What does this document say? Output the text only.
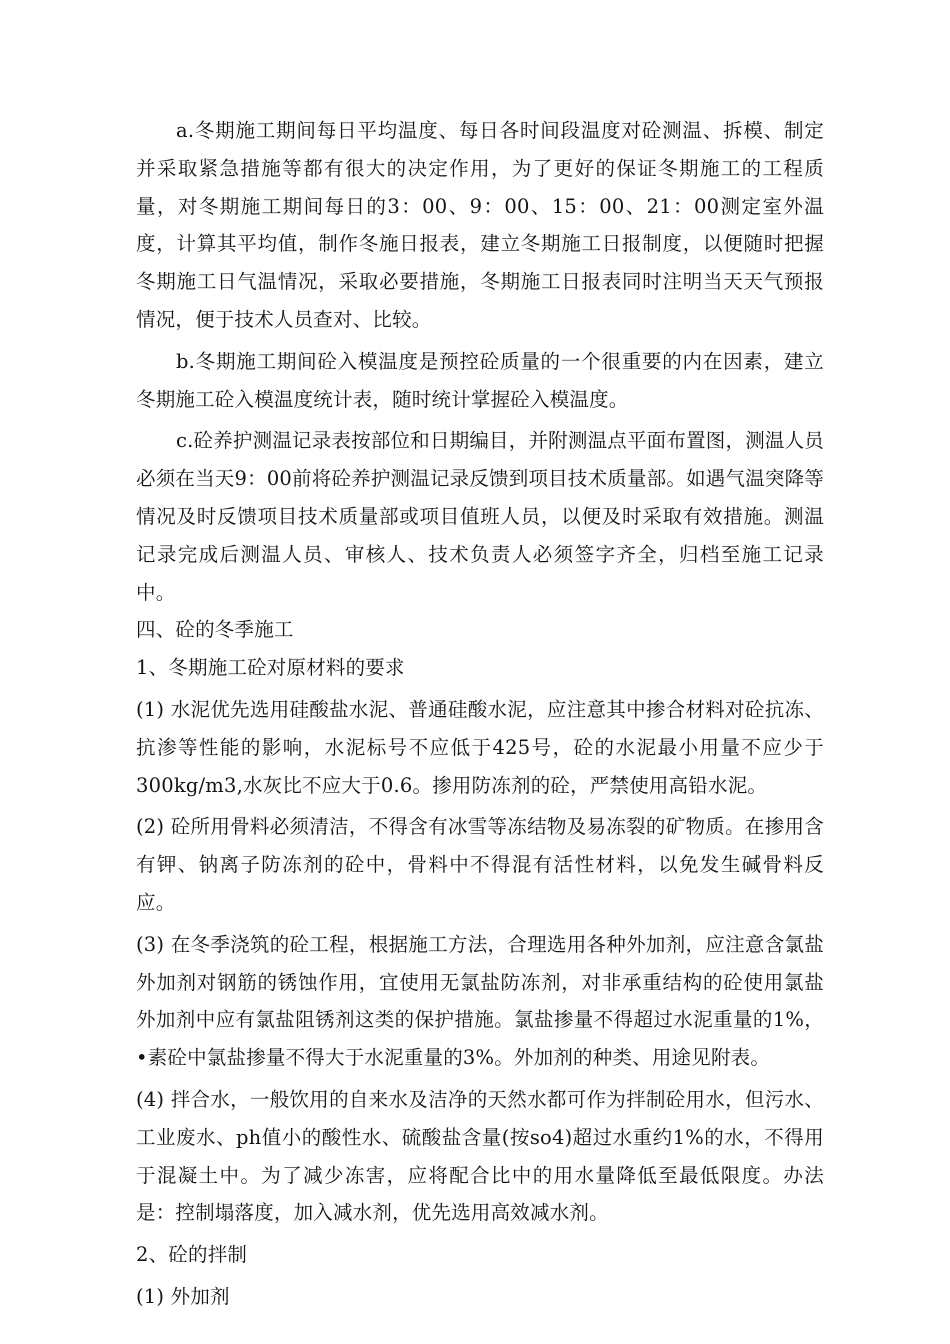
a.冬期施工期间每日平均温度、每日各时间段温度对砼测温、拆模、制定并采取紧急措施等都有很大的决定作用，为了更好的保证冬期施工的工程质量，对冬期施工期间每日的3：00、9：00、15：00、21：00测定室外温度，计算其平均值，制作冬施日报表，建立冬期施工日报制度，以便随时把握冬期施工日气温情况，采取必要措施，冬期施工日报表同时注明当天天气预报情况，便于技术人员查对、比较。

b.冬期施工期间砼入模温度是预控砼质量的一个很重要的内在因素，建立冬期施工砼入模温度统计表，随时统计掌握砼入模温度。

c.砼养护测温记录表按部位和日期编目，并附测温点平面布置图，测温人员必须在当天9：00前将砼养护测温记录反馈到项目技术质量部。如遇气温突降等情况及时反馈项目技术质量部或项目值班人员，以便及时采取有效措施。测温记录完成后测温人员、审核人、技术负责人必须签字齐全，归档至施工记录中。

四、砼的冬季施工

1、冬期施工砼对原材料的要求

(1) 水泥优先选用硅酸盐水泥、普通硅酸水泥，应注意其中掺合材料对砼抗冻、抗渗等性能的影响，水泥标号不应低于425号，砼的水泥最小用量不应少于300kg/m3,水灰比不应大于0.6。掺用防冻剂的砼，严禁使用高铅水泥。

(2) 砼所用骨料必须清洁，不得含有冰雪等冻结物及易冻裂的矿物质。在掺用含有钾、钠离子防冻剂的砼中，骨料中不得混有活性材料，以免发生碱骨料反应。

(3) 在冬季浇筑的砼工程，根据施工方法，合理选用各种外加剂，应注意含氯盐外加剂对钢筋的锈蚀作用，宜使用无氯盐防冻剂，对非承重结构的砼使用氯盐外加剂中应有氯盐阻锈剂这类的保护措施。氯盐掺量不得超过水泥重量的1%，•素砼中氯盐掺量不得大于水泥重量的3%。外加剂的种类、用途见附表。

(4) 拌合水，一般饮用的自来水及洁净的天然水都可作为拌制砼用水，但污水、工业废水、ph值小的酸性水、硫酸盐含量(按so4)超过水重约1%的水，不得用于混凝土中。为了减少冻害，应将配合比中的用水量降低至最低限度。办法是：控制塌落度，加入减水剂，优先选用高效减水剂。

2、砼的拌制

(1) 外加剂
